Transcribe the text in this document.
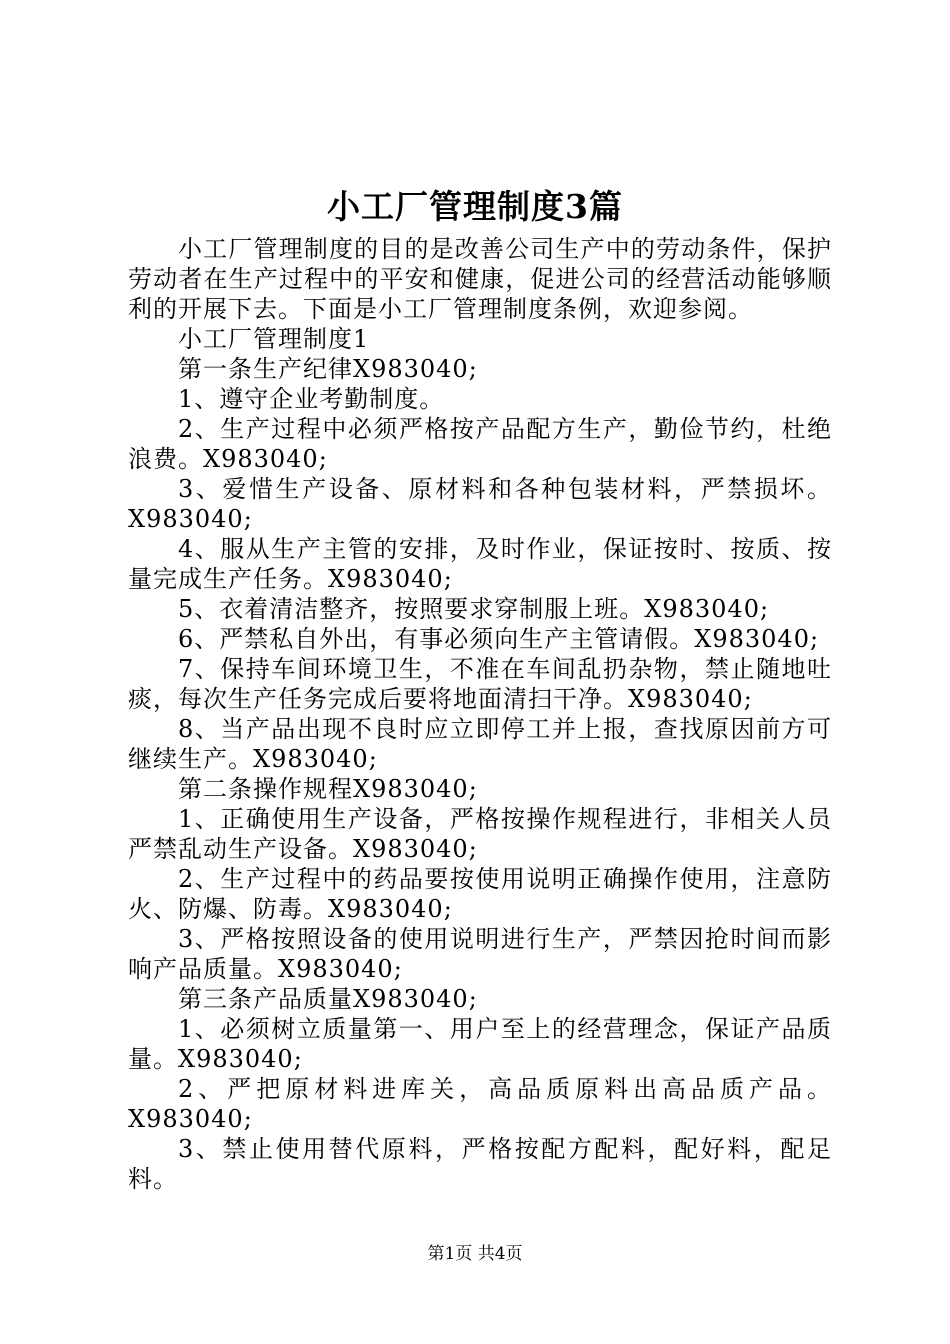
小工厂管理制度3篇

小工厂管理制度的目的是改善公司生产中的劳动条件，保护劳动者在生产过程中的平安和健康，促进公司的经营活动能够顺利的开展下去。下面是小工厂管理制度条例，欢迎参阅。

小工厂管理制度1

第一条生产纪律X983040;

1、遵守企业考勤制度。

2、生产过程中必须严格按产品配方生产，勤俭节约，杜绝浪费。X983040;

3、爱惜生产设备、原材料和各种包装材料，严禁损坏。X983040;

4、服从生产主管的安排，及时作业，保证按时、按质、按量完成生产任务。X983040;

5、衣着清洁整齐，按照要求穿制服上班。X983040;

6、严禁私自外出，有事必须向生产主管请假。X983040;

7、保持车间环境卫生，不准在车间乱扔杂物，禁止随地吐痰，每次生产任务完成后要将地面清扫干净。X983040;

8、当产品出现不良时应立即停工并上报，查找原因前方可继续生产。X983040;

第二条操作规程X983040;

1、正确使用生产设备，严格按操作规程进行，非相关人员严禁乱动生产设备。X983040;

2、生产过程中的药品要按使用说明正确操作使用，注意防火、防爆、防毒。X983040;

3、严格按照设备的使用说明进行生产，严禁因抢时间而影响产品质量。X983040;

第三条产品质量X983040;

1、必须树立质量第一、用户至上的经营理念，保证产品质量。X983040;

2、严把原材料进库关，高品质原料出高品质产品。X983040;

3、禁止使用替代原料，严格按配方配料，配好料，配足料。

第1页 共4页
